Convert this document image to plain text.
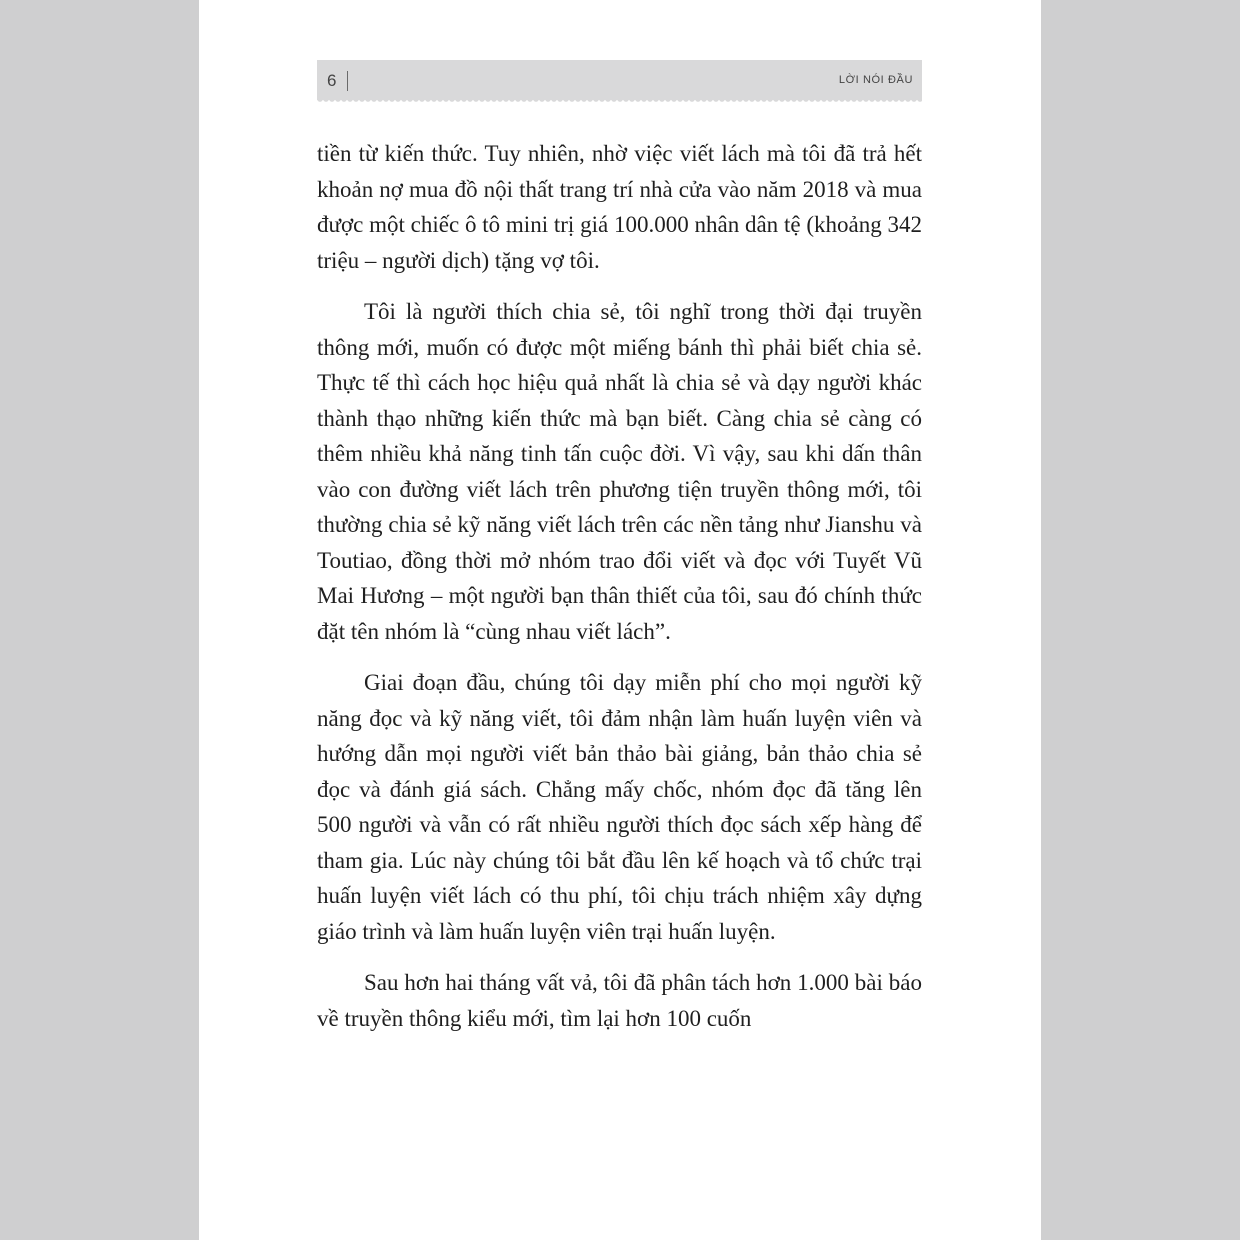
6	LỜI NÓI ĐẦU

tiền từ kiến thức. Tuy nhiên, nhờ việc viết lách mà tôi đã trả hết khoản nợ mua đồ nội thất trang trí nhà cửa vào năm 2018 và mua được một chiếc ô tô mini trị giá 100.000 nhân dân tệ (khoảng 342 triệu – người dịch) tặng vợ tôi.

Tôi là người thích chia sẻ, tôi nghĩ trong thời đại truyền thông mới, muốn có được một miếng bánh thì phải biết chia sẻ. Thực tế thì cách học hiệu quả nhất là chia sẻ và dạy người khác thành thạo những kiến thức mà bạn biết. Càng chia sẻ càng có thêm nhiều khả năng tinh tấn cuộc đời. Vì vậy, sau khi dấn thân vào con đường viết lách trên phương tiện truyền thông mới, tôi thường chia sẻ kỹ năng viết lách trên các nền tảng như Jianshu và Toutiao, đồng thời mở nhóm trao đổi viết và đọc với Tuyết Vũ Mai Hương – một người bạn thân thiết của tôi, sau đó chính thức đặt tên nhóm là “cùng nhau viết lách”.

Giai đoạn đầu, chúng tôi dạy miễn phí cho mọi người kỹ năng đọc và kỹ năng viết, tôi đảm nhận làm huấn luyện viên và hướng dẫn mọi người viết bản thảo bài giảng, bản thảo chia sẻ đọc và đánh giá sách. Chẳng mấy chốc, nhóm đọc đã tăng lên 500 người và vẫn có rất nhiều người thích đọc sách xếp hàng để tham gia. Lúc này chúng tôi bắt đầu lên kế hoạch và tổ chức trại huấn luyện viết lách có thu phí, tôi chịu trách nhiệm xây dựng giáo trình và làm huấn luyện viên trại huấn luyện.

Sau hơn hai tháng vất vả, tôi đã phân tách hơn 1.000 bài báo về truyền thông kiểu mới, tìm lại hơn 100 cuốn
